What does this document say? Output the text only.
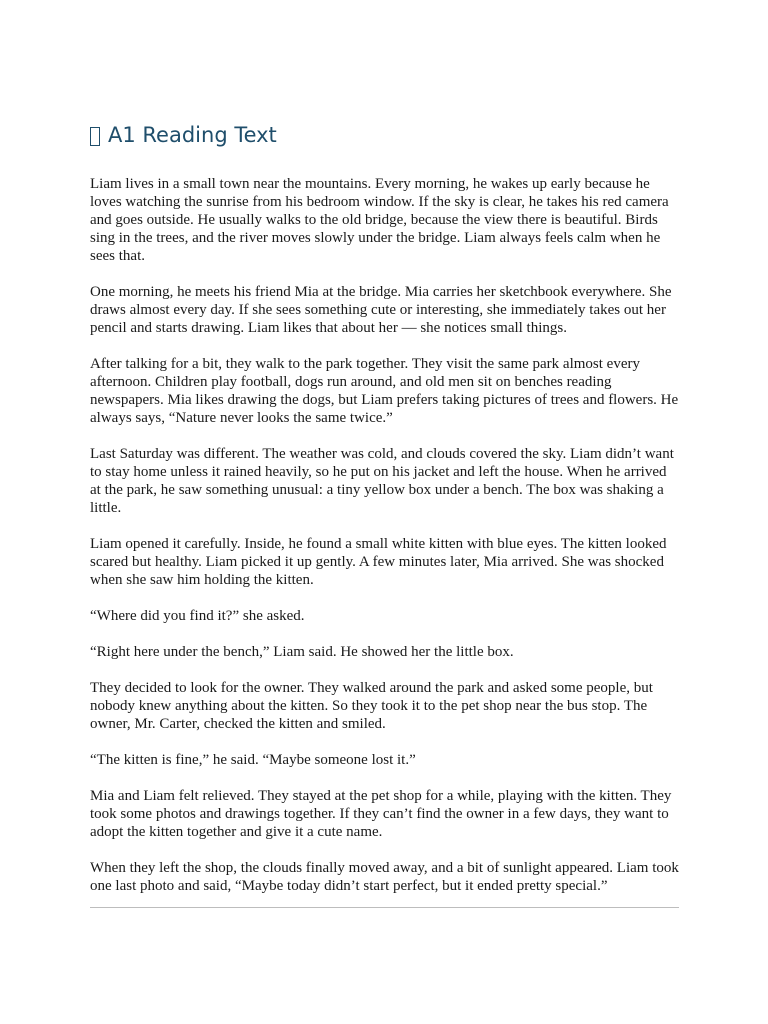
A1 Reading Text

Liam lives in a small town near the mountains. Every morning, he wakes up early because he loves watching the sunrise from his bedroom window. If the sky is clear, he takes his red camera and goes outside. He usually walks to the old bridge, because the view there is beautiful. Birds sing in the trees, and the river moves slowly under the bridge. Liam always feels calm when he sees that.

One morning, he meets his friend Mia at the bridge. Mia carries her sketchbook everywhere. She draws almost every day. If she sees something cute or interesting, she immediately takes out her pencil and starts drawing. Liam likes that about her — she notices small things.

After talking for a bit, they walk to the park together. They visit the same park almost every afternoon. Children play football, dogs run around, and old men sit on benches reading newspapers. Mia likes drawing the dogs, but Liam prefers taking pictures of trees and flowers. He always says, “Nature never looks the same twice.”

Last Saturday was different. The weather was cold, and clouds covered the sky. Liam didn’t want to stay home unless it rained heavily, so he put on his jacket and left the house. When he arrived at the park, he saw something unusual: a tiny yellow box under a bench. The box was shaking a little.

Liam opened it carefully. Inside, he found a small white kitten with blue eyes. The kitten looked scared but healthy. Liam picked it up gently. A few minutes later, Mia arrived. She was shocked when she saw him holding the kitten.

“Where did you find it?” she asked.

“Right here under the bench,” Liam said. He showed her the little box.

They decided to look for the owner. They walked around the park and asked some people, but nobody knew anything about the kitten. So they took it to the pet shop near the bus stop. The owner, Mr. Carter, checked the kitten and smiled.

“The kitten is fine,” he said. “Maybe someone lost it.”

Mia and Liam felt relieved. They stayed at the pet shop for a while, playing with the kitten. They took some photos and drawings together. If they can’t find the owner in a few days, they want to adopt the kitten together and give it a cute name.

When they left the shop, the clouds finally moved away, and a bit of sunlight appeared. Liam took one last photo and said, “Maybe today didn’t start perfect, but it ended pretty special.”
